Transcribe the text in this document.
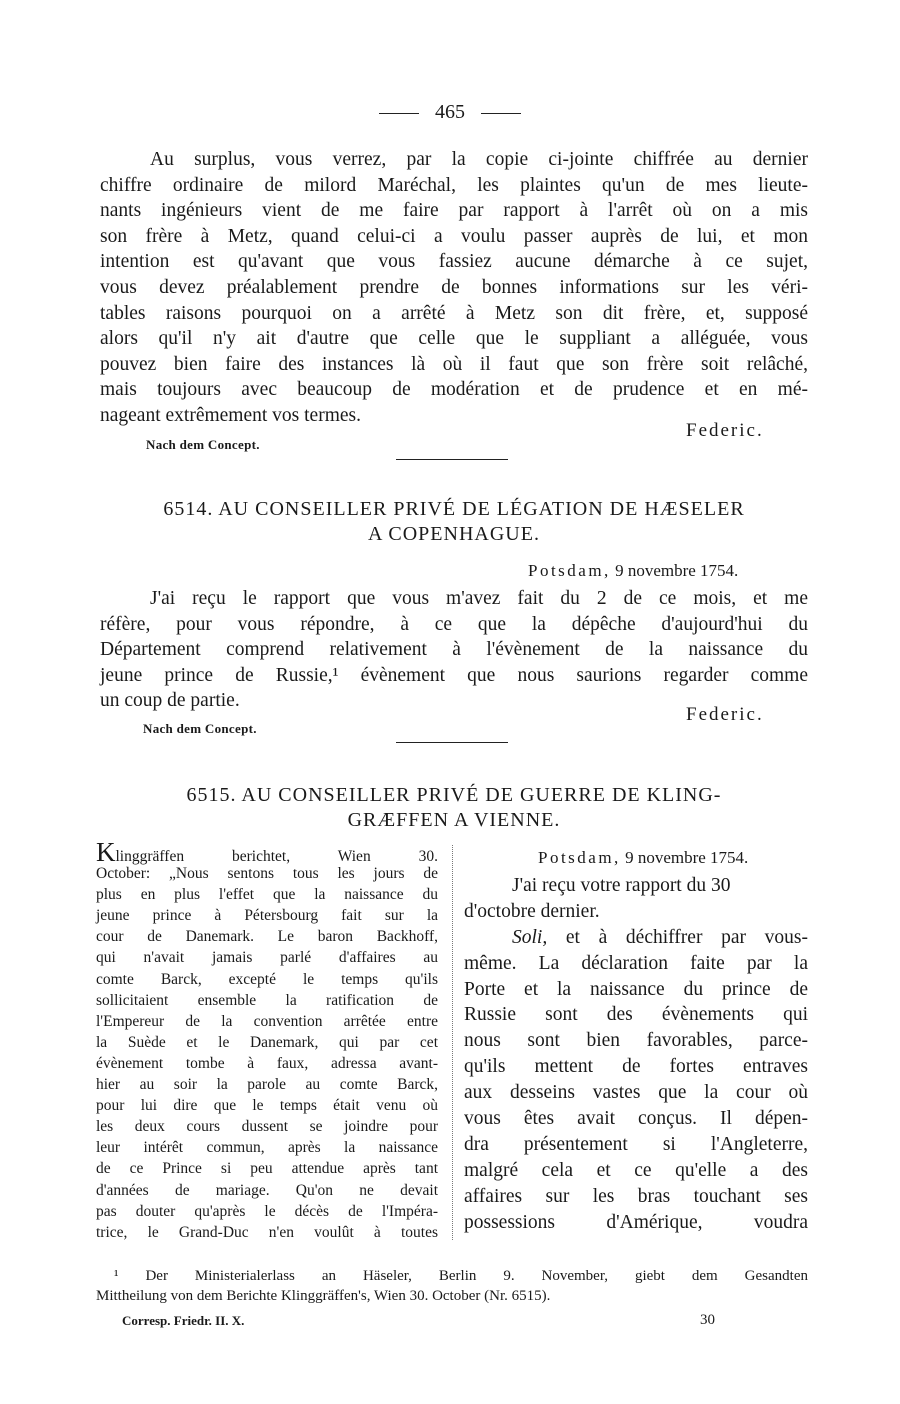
465
Au surplus, vous verrez, par la copie ci-jointe chiffrée au dernier
chiffre ordinaire de milord Maréchal, les plaintes qu'un de mes lieute-
nants ingénieurs vient de me faire par rapport à l'arrêt où on a mis
son frère à Metz, quand celui-ci a voulu passer auprès de lui, et mon
intention est qu'avant que vous fassiez aucune démarche à ce sujet,
vous devez préalablement prendre de bonnes informations sur les véri-
tables raisons pourquoi on a arrêté à Metz son dit frère, et, supposé
alors qu'il n'y ait d'autre que celle que le suppliant a alléguée, vous
pouvez bien faire des instances là où il faut que son frère soit relâché,
mais toujours avec beaucoup de modération et de prudence et en mé-
nageant extrêmement vos termes.
Federic.
Nach dem Concept.
6514. AU CONSEILLER PRIVÉ DE LÉGATION DE HÆSELER
A COPENHAGUE.
Potsdam, 9 novembre 1754.
J'ai reçu le rapport que vous m'avez fait du 2 de ce mois, et me
réfère, pour vous répondre, à ce que la dépêche d'aujourd'hui du
Département comprend relativement à l'évènement de la naissance du
jeune prince de Russie,¹ évènement que nous saurions regarder comme
un coup de partie.
Federic.
Nach dem Concept.
6515. AU CONSEILLER PRIVÉ DE GUERRE DE KLING-
GRÆFFEN A VIENNE.
Klinggräffen berichtet, Wien 30.
October: „Nous sentons tous les jours de
plus en plus l'effet que la naissance du
jeune prince à Pétersbourg fait sur la
cour de Danemark. Le baron Backhoff,
qui n'avait jamais parlé d'affaires au
comte Barck, excepté le temps qu'ils
sollicitaient ensemble la ratification de
l'Empereur de la convention arrêtée entre
la Suède et le Danemark, qui par cet
évènement tombe à faux, adressa avant-
hier au soir la parole au comte Barck,
pour lui dire que le temps était venu où
les deux cours dussent se joindre pour
leur intérêt commun, après la naissance
de ce Prince si peu attendue après tant
d'années de mariage. Qu'on ne devait
pas douter qu'après le décès de l'Impéra-
trice, le Grand-Duc n'en voulût à toutes
Potsdam, 9 novembre 1754.
J'ai reçu votre rapport du 30
d'octobre dernier.
Soli, et à déchiffrer par vous-
même. La déclaration faite par la
Porte et la naissance du prince de
Russie sont des évènements qui
nous sont bien favorables, parce-
qu'ils mettent de fortes entraves
aux desseins vastes que la cour où
vous êtes avait conçus. Il dépen-
dra présentement si l'Angleterre,
malgré cela et ce qu'elle a des
affaires sur les bras touchant ses
possessions d'Amérique, voudra
¹ Der Ministerialerlass an Häseler, Berlin 9. November, giebt dem Gesandten
Mittheilung von dem Berichte Klinggräffen's, Wien 30. October (Nr. 6515).
Corresp. Friedr. II. X.	30
